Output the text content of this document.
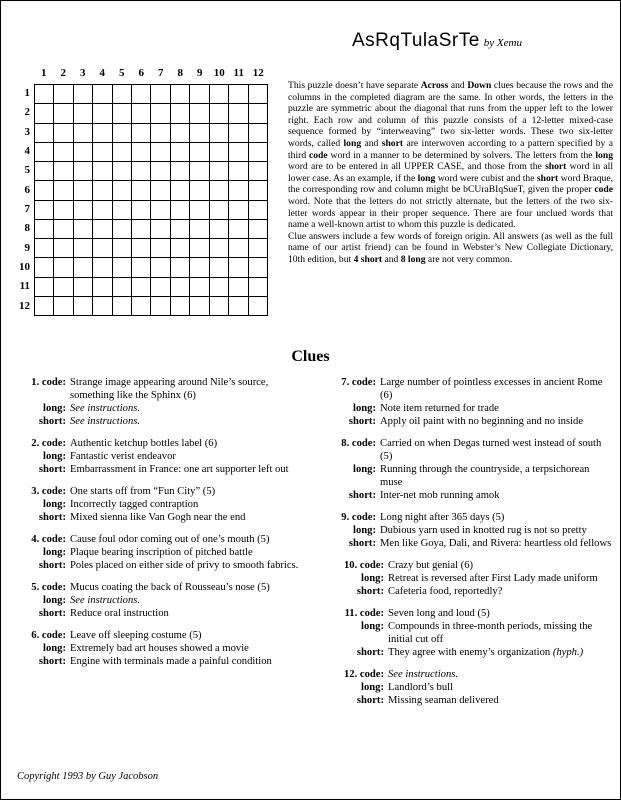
AsRqTulaSrTe by Xemu
1	2	3	4	5	6	7	8	9	10 11 12
1
2
3
4
5
6
7
8
9
10
11
12
This puzzle doesn’t have separate Across and Down clues because the rows and the columns in the completed diagram are the same. In other words, the letters in the puzzle are symmetric about the diagonal that runs from the upper left to the lower right. Each row and column of this puzzle consists of a 12-letter mixed-case sequence formed by “interweaving” two six-letter words. These two six-letter words, called long and short are interwoven according to a pattern specified by a third code word in a manner to be determined by solvers. The letters from the long word are to be entered in all UPPER CASE, and those from the short word in all lower case. As an example, if the long word were cubist and the short word Braque, the corresponding row and column might be bCUraBIqSueT, given the proper code word. Note that the letters do not strictly alternate, but the letters of the two six-letter words appear in their proper sequence. There are four unclued words that name a well-known artist to whom this puzzle is dedicated.
Clue answers include a few words of foreign origin. All answers (as well as the full name of our artist friend) can be found in Webster’s New Collegiate Dictionary, 10th edition, but 4 short and 8 long are not very common.
Clues
1. code: Strange image appearing around Nile’s source, something like the Sphinx (6)
long: See instructions.
short: See instructions.
2. code: Authentic ketchup bottles label (6)
long: Fantastic verist endeavor
short: Embarrassment in France: one art supporter left out
3. code: One starts off from “Fun City” (5)
long: Incorrectly tagged contraption
short: Mixed sienna like Van Gogh near the end
4. code: Cause foul odor coming out of one’s mouth (5)
long: Plaque bearing inscription of pitched battle
short: Poles placed on either side of privy to smooth fabrics.
5. code: Mucus coating the back of Rousseau’s nose (5)
long: See instructions.
short: Reduce oral instruction
6. code: Leave off sleeping costume (5)
long: Extremely bad art houses showed a movie
short: Engine with terminals made a painful condition
7. code: Large number of pointless excesses in ancient Rome (6)
long: Note item returned for trade
short: Apply oil paint with no beginning and no inside
8. code: Carried on when Degas turned west instead of south (5)
long: Running through the countryside, a terpsichorean muse
short: Inter-net mob running amok
9. code: Long night after 365 days (5)
long: Dubious yarn used in knotted rug is not so pretty
short: Men like Goya, Dali, and Rivera: heartless old fellows
10. code: Crazy but genial (6)
long: Retreat is reversed after First Lady made uniform
short: Cafeteria food, reportedly?
11. code: Seven long and loud (5)
long: Compounds in three-month periods, missing the initial cut off
short: They agree with enemy’s organization (hyph.)
12. code: See instructions.
long: Landlord’s bull
short: Missing seaman delivered
Copyright 1993 by Guy Jacobson
